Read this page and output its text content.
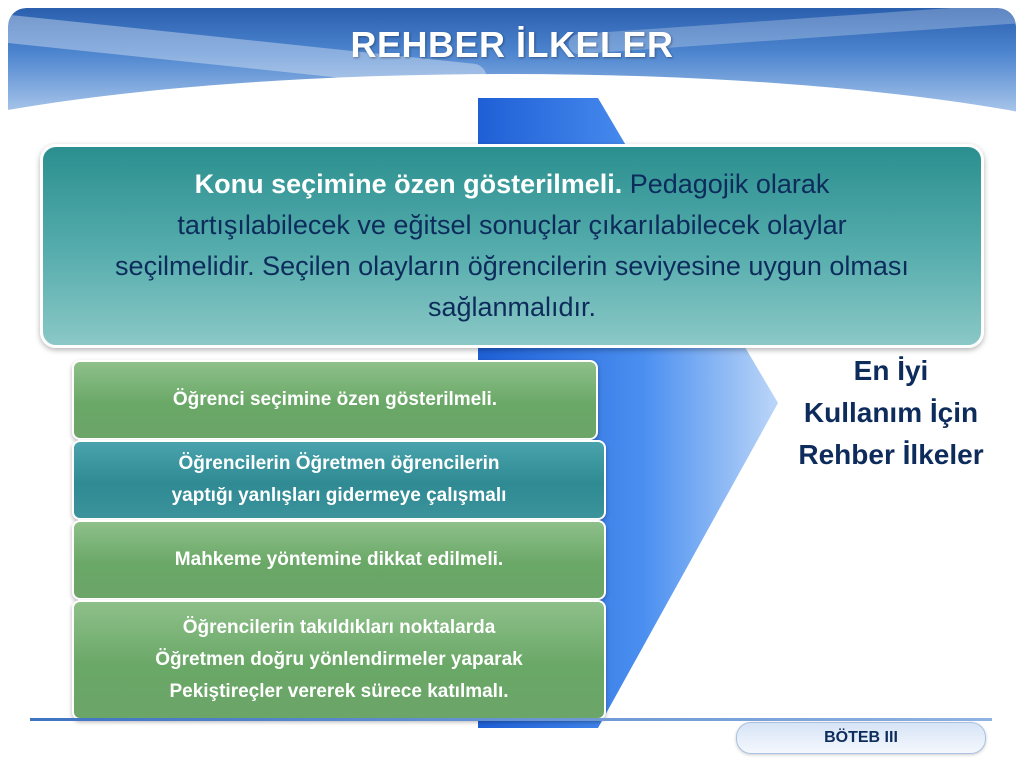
REHBER İLKELER

Konu seçimine özen gösterilmeli. Pedagojik olarak tartışılabilecek ve eğitsel sonuçlar çıkarılabilecek olaylar seçilmelidir. Seçilen olayların öğrencilerin seviyesine uygun olması sağlanmalıdır.

Öğrenci seçimine özen gösterilmeli.
Öğrencilerin Öğretmen öğrencilerin
yaptığı yanlışları gidermeye çalışmalı
Mahkeme yöntemine dikkat edilmeli.
Öğrencilerin takıldıkları noktalarda
Öğretmen doğru yönlendirmeler yaparak
Pekiştireçler vererek sürece katılmalı.
En İyi
Kullanım İçin
Rehber İlkeler
BÖTEB III
